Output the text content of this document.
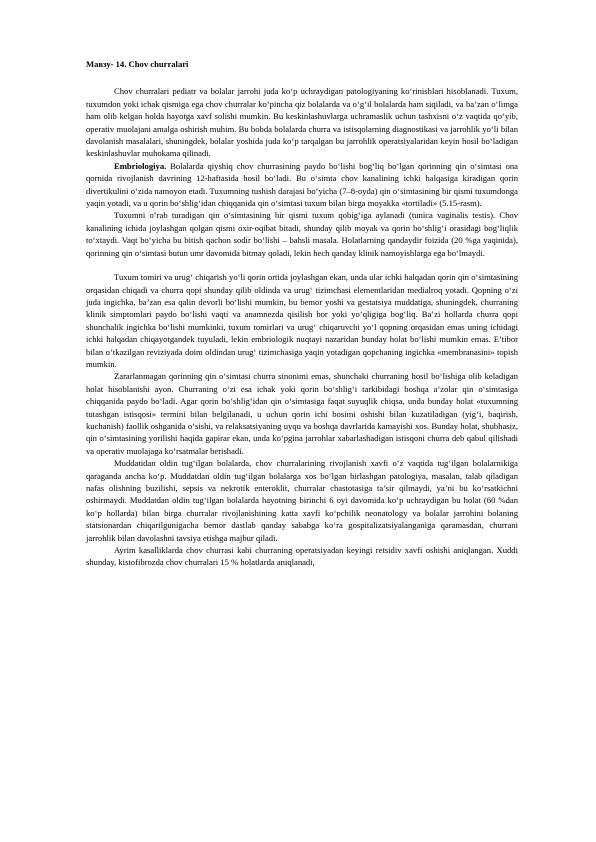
Мавзу- 14. Chov churralari

Chov churralari pediatr va bolalar jarrohi juda ko‘p uchraydigan patologiyaning ko‘rinishlari hisoblanadi. Tuxum, tuxumdon yoki ichak qismiga ega chov churralar ko‘pincha qiz bolalarda va o‘g‘il bolalarda ham siqiladi, va ba’zan o‘limga ham olib kelgan holda hayotga xavf solishi mumkin. Bu keskinlashuvlarga uchramaslik uchun tashxisni o‘z vaqtida qo‘yib, operativ muolajani amalga oshirish muhim. Bu bobda bolalarda churra va istisqolarning diagnostikasi va jarrohlik yo‘li bilan davolanish masalalari, shuningdek, bolalar yoshida juda ko‘p tarqalgan bu jarrohlik operatsiyalaridan keyin hosil bo‘ladigan keskinlashuvlar muhokama qilinadi.

Embriologiya. Bolalarda qiyshiq chov churrasining paydo bo‘lishi bog‘liq bo‘lgan qorinning qin o‘simtasi ona qornida rivojlanish davrining 12-haftasida hosil bo‘ladi. Bu o‘simta chov kanalining ichki halqasiga kiradigan qorin divertikulini o‘zida namoyon etadi. Tuxumning tushish darajasi bo‘yicha (7–8-oyda) qin o‘simtasining bir qismi tuxumdonga yaqin yotadi, va u qorin bo‘shlig‘idan chiqqanida qin o‘simtasi tuxum bilan birga moyakka «tortiladi» (5.15-rasm).

Tuxumni o‘rab turadigan qin o‘simtasining bir qismi tuxum qobig‘iga aylanadi (tunica vaginalis testis). Chov kanalining ichida joylashgan qolgan qismi oxir-oqibat bitadi, shunday qilib moyak va qorin bo‘shlig‘i orasidagi bog‘liqlik to‘xtaydi. Vaqt bo‘yicha bu bitish qachon sodir bo‘lishi – bahsli masala. Holatlarning qandaydir foizida (20 %ga yaqinida), qorinning qin o‘simtasi butun umr davomida bitmay qoladi, lekin hech qanday klinik namoyishlarga ega bo‘lmaydi.

Tuxum tomiri va urug‘ chiqarish yo‘li qorin ortida joylashgan ekan, unda ular ichki halqadan qorin qin o‘simtasining orqasidan chiqadi va churra qopi shunday qilib oldinda va urug‘ tizimchasi elementlaridan medialroq yotadi. Qopning o‘zi juda ingichka, ba’zan esa qalin devorli bo‘lishi mumkin, bu bemor yoshi va gestatsiya muddatiga, shuningdek, churraning klinik simptomlari paydo bo‘lishi vaqti va anamnezda qisilish bor yoki yo‘qligiga bog‘liq. Ba’zi hollarda churra qopi shunchalik ingichka bo‘lishi mumkinki, tuxum tomirlari va urug‘ chiqaruvchi yo‘l qopning orqasidan emas uning ichidagi ichki halqadan chiqayotgandek tuyuladi, lekin embriologik nuqtayi nazaridan bunday holat bo‘lishi mumkin emas. E’tibor bilan o‘tkazilgan reviziyada doim oldindan urug‘ tizimchasiga yaqin yotadigan qopchaning ingichka «membranasini» topish mumkin.

Zararlanmagan qorinning qin o‘simtasi churra sinonimi emas, shunchaki churraning hosil bo‘lishiga olib keladigan holat hisoblanishi ayon. Churraning o‘zi esa ichak yoki qorin bo‘shlig‘i tarkibidagi boshqa a’zolar qin o‘simtasiga chiqqanida paydo bo‘ladi. Agar qorin bo‘shlig‘idan qin o‘simtasiga faqat suyuqlik chiqsa, unda bunday holat «tuxumning tutashgan istisqosi» termini bilan belgilanadi, u uchun qorin ichi bosimi oshishi bilan kuzatiladigan (yig‘i, baqirish, kuchanish) faollik oshganida o‘sishi, va relaksatsiyaning uyqu va boshqa davrlarida kamayishi xos. Bunday holat, shubhasiz, qin o‘simtasining yorilishi haqida gapirar ekan, unda ko‘pgina jarrohlar xabarlashadigan istisqoni churra deb qabul qilishadi va operativ muolajaga ko‘rsatmalar berishadi.

Muddatidan oldin tug‘ilgan bolalarda, chov churralarining rivojlanish xavfi o‘z vaqtida tug‘ilgan bolalarnikiga qaraganda ancha ko‘p. Muddatdan oldin tug‘ilgan bolalarga xos bo‘lgan birlashgan patologiya, masalan, talab qiladigan nafas olishning buzilishi, sepsis va nekrotik enteroklit, churralar chastotasiga ta’sir qilmaydi, ya’ni bu ko‘rsatkichni oshirmaydi. Muddatdan oldin tug‘ilgan bolalarda hayotning birinchi 6 oyi davomida ko‘p uchraydigan bu holat (60 %dan ko‘p hollarda) bilan birga churralar rivojlanishining katta xavfi ko‘pchilik neonatology va bolalar jarrohini bolaning statsionardan chiqarilgunigacha bemor dastlab qanday sababga ko‘ra gospitalizatsiyalanganiga qaramasdan, churrani jarrohlik bilan davolashni tavsiya etishga majbur qiladi.

Ayrim kasalliklarda chov churrasi kabi churraning operatsiyadan keyingi retsidiv xavfi oshishi aniqlangan. Xuddi shunday, kistofibrozda chov churralari 15 % holatlarda aniqlanadi,
